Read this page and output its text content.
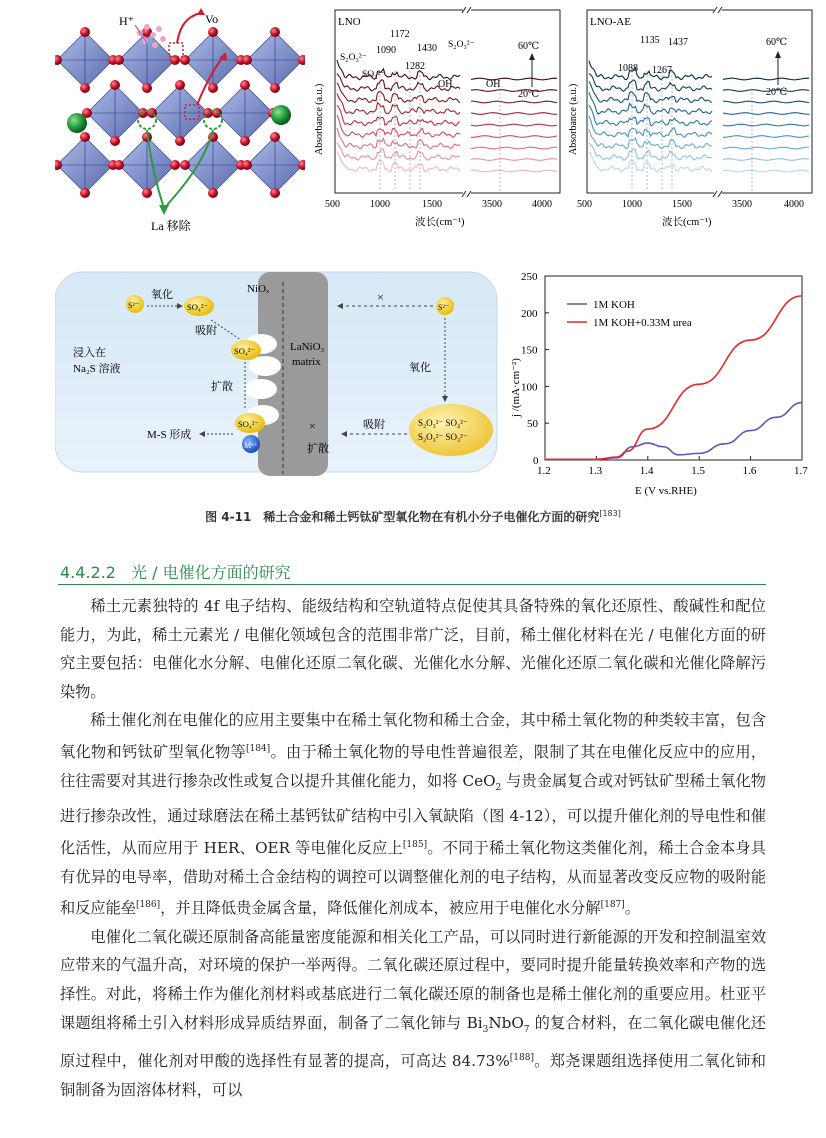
H⁺	Vo
La 移除
LNO
Absorbance (a.u.)
1172
1090 1430
1282
S₂O₃²⁻
SO₃²⁻
S₂O₃²⁻
OH	OH
60℃
20℃
500	1000	1500	3500	4000
波长(cm⁻¹)
LNO-AE
Absorbance (a.u.)
1135 1437
1088 1267
60℃
20℃
500	1000	1500	3500	4000
波长(cm⁻¹)
NiOₓ
LaNiO₃
matrix
S²⁻
氧化
SO₄²⁻
吸附
SO₄²⁻
扩散
SO₄²⁻
Mⁿ⁺
M-S 形成
浸入在
Na₂S 溶液
S²⁻
×
氧化
S₂O₃²⁻ SO₄²⁻
S₂O₃²⁻ SO₃²⁻
吸附
×
扩散
j /(mA·cm⁻²)
E (V vs.RHE)
1.2	1.3	1.4	1.5	1.6	1.7
0
50
100
150
200
250
1M KOH
1M KOH+0.33M urea
图 4-11　稀土合金和稀土钙钛矿型氧化物在有机小分子电催化方面的研究[183]
4.4.2.2 光 / 电催化方面的研究

稀土元素独特的 4f 电子结构、能级结构和空轨道特点促使其具备特殊的氧化还原性、酸碱性和配位能力，为此，稀土元素光 / 电催化领域包含的范围非常广泛，目前，稀土催化材料在光 / 电催化方面的研究主要包括：电催化水分解、电催化还原二氧化碳、光催化水分解、光催化还原二氧化碳和光催化降解污染物。

稀土催化剂在电催化的应用主要集中在稀土氧化物和稀土合金，其中稀土氧化物的种类较丰富，包含氧化物和钙钛矿型氧化物等[184]。由于稀土氧化物的导电性普遍很差，限制了其在电催化反应中的应用，往往需要对其进行掺杂改性或复合以提升其催化能力，如将 CeO$_2$ 与贵金属复合或对钙钛矿型稀土氧化物进行掺杂改性，通过球磨法在稀土基钙钛矿结构中引入氧缺陷（图 4-12），可以提升催化剂的导电性和催化活性，从而应用于 HER、OER 等电催化反应上[185]。不同于稀土氧化物这类催化剂，稀土合金本身具有优异的电导率，借助对稀土合金结构的调控可以调整催化剂的电子结构，从而显著改变反应物的吸附能和反应能垒[186]，并且降低贵金属含量，降低催化剂成本，被应用于电催化水分解[187]。

电催化二氧化碳还原制备高能量密度能源和相关化工产品，可以同时进行新能源的开发和控制温室效应带来的气温升高，对环境的保护一举两得。二氧化碳还原过程中，要同时提升能量转换效率和产物的选择性。对此，将稀土作为催化剂材料或基底进行二氧化碳还原的制备也是稀土催化剂的重要应用。杜亚平课题组将稀土引入材料形成异质结界面，制备了二氧化铈与 $Bi_3NbO_7$ 的复合材料，在二氧化碳电催化还原过程中，催化剂对甲酸的选择性有显著的提高，可高达 84.73%[188]。郑尧课题组选择使用二氧化铈和铜制备为固溶体材料，可以
